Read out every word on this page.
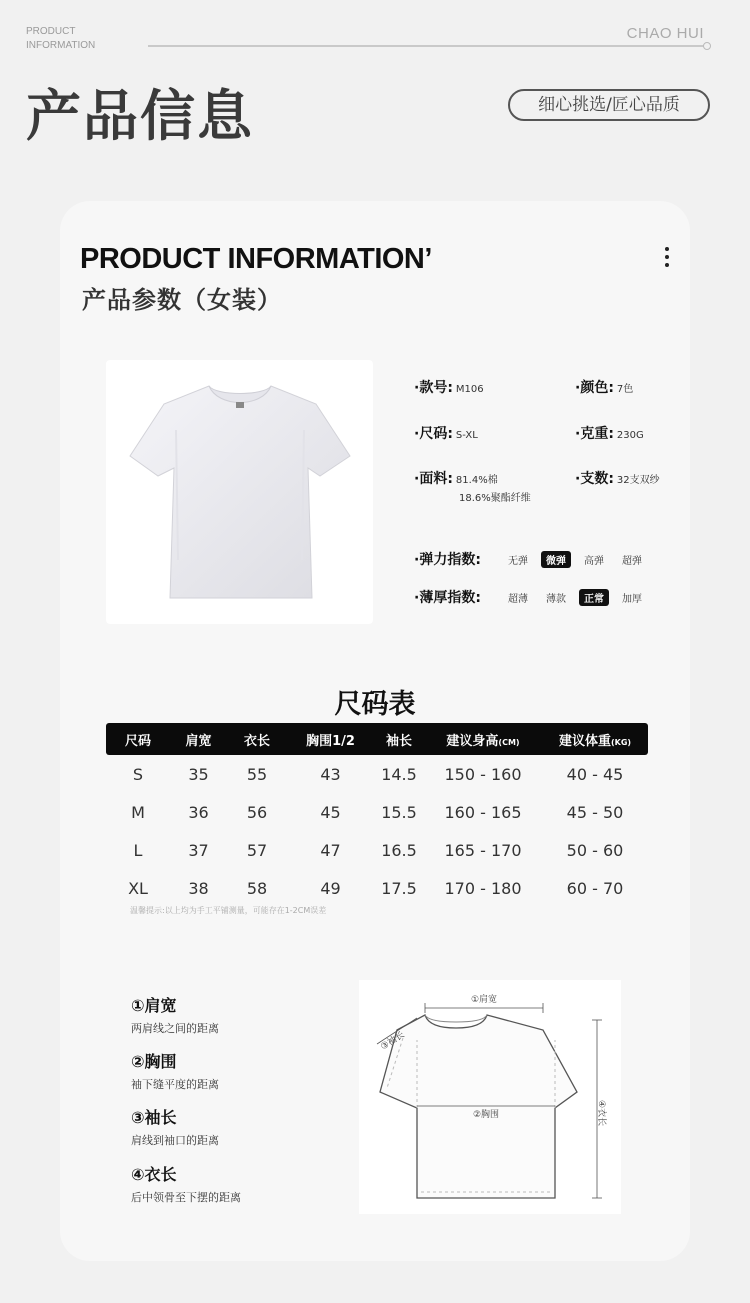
PRODUCT
INFORMATION
CHAO HUI
产品信息	细心挑选/匠心品质
PRODUCT INFORMATION’
产品参数（女装）
·款号: M106	·颜色: 7色
·尺码: S-XL	·克重: 230G
·面料: 81.4%棉
18.6%聚酯纤维
·支数: 32支双纱
·弹力指数:	无弹	微弹	高弹	超弹
·薄厚指数:	超薄	薄款	正常	加厚
尺码表
尺码	肩宽	衣长	胸围1/2	袖长	建议身高(CM)	建议体重(KG)
S	35	55	43	14.5	150 - 160	40 - 45
M	36	56	45	15.5	160 - 165	45 - 50
L	37	57	47	16.5	165 - 170	50 - 60
XL	38	58	49	17.5	170 - 180	60 - 70
温馨提示:以上均为手工平铺测量，可能存在1-2CM误差
①肩宽
两肩线之间的距离
②胸围
袖下缝平度的距离
③袖长
肩线到袖口的距离
④衣长
后中领骨至下摆的距离
①肩宽
②胸围
③袖长
④衣长
